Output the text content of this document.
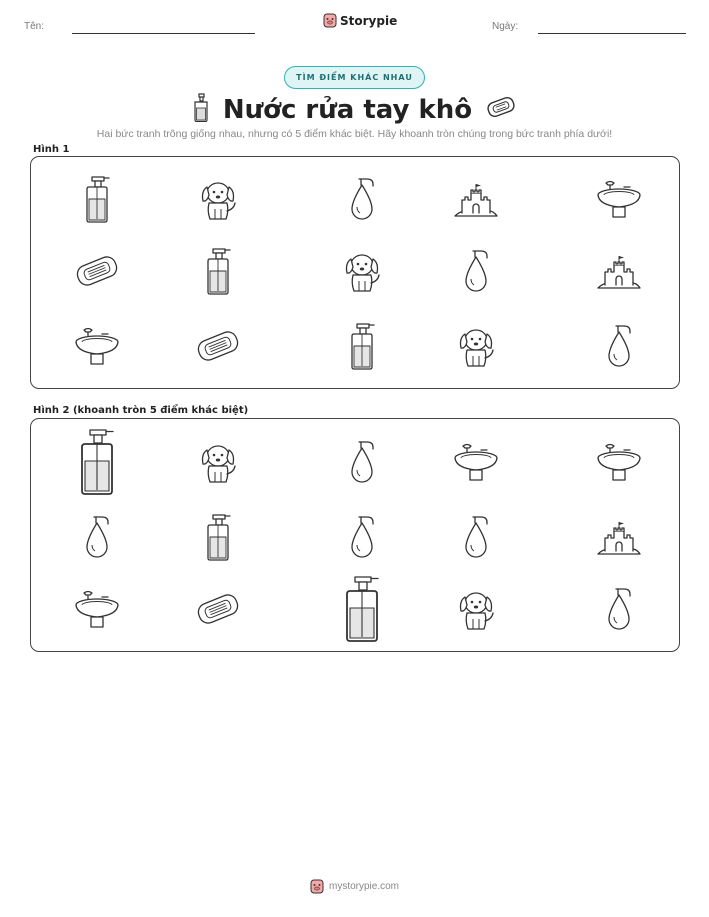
Tên:	Storypie	Ngày:
TÌM ĐIỂM KHÁC NHAU
Nước rửa tay khô
Hai bức tranh trông giống nhau, nhưng có 5 điểm khác biệt. Hãy khoanh tròn chúng trong bức tranh phía dưới!
Hình 1
Hình 2 (khoanh tròn 5 điểm khác biệt)
mystorypie.com
